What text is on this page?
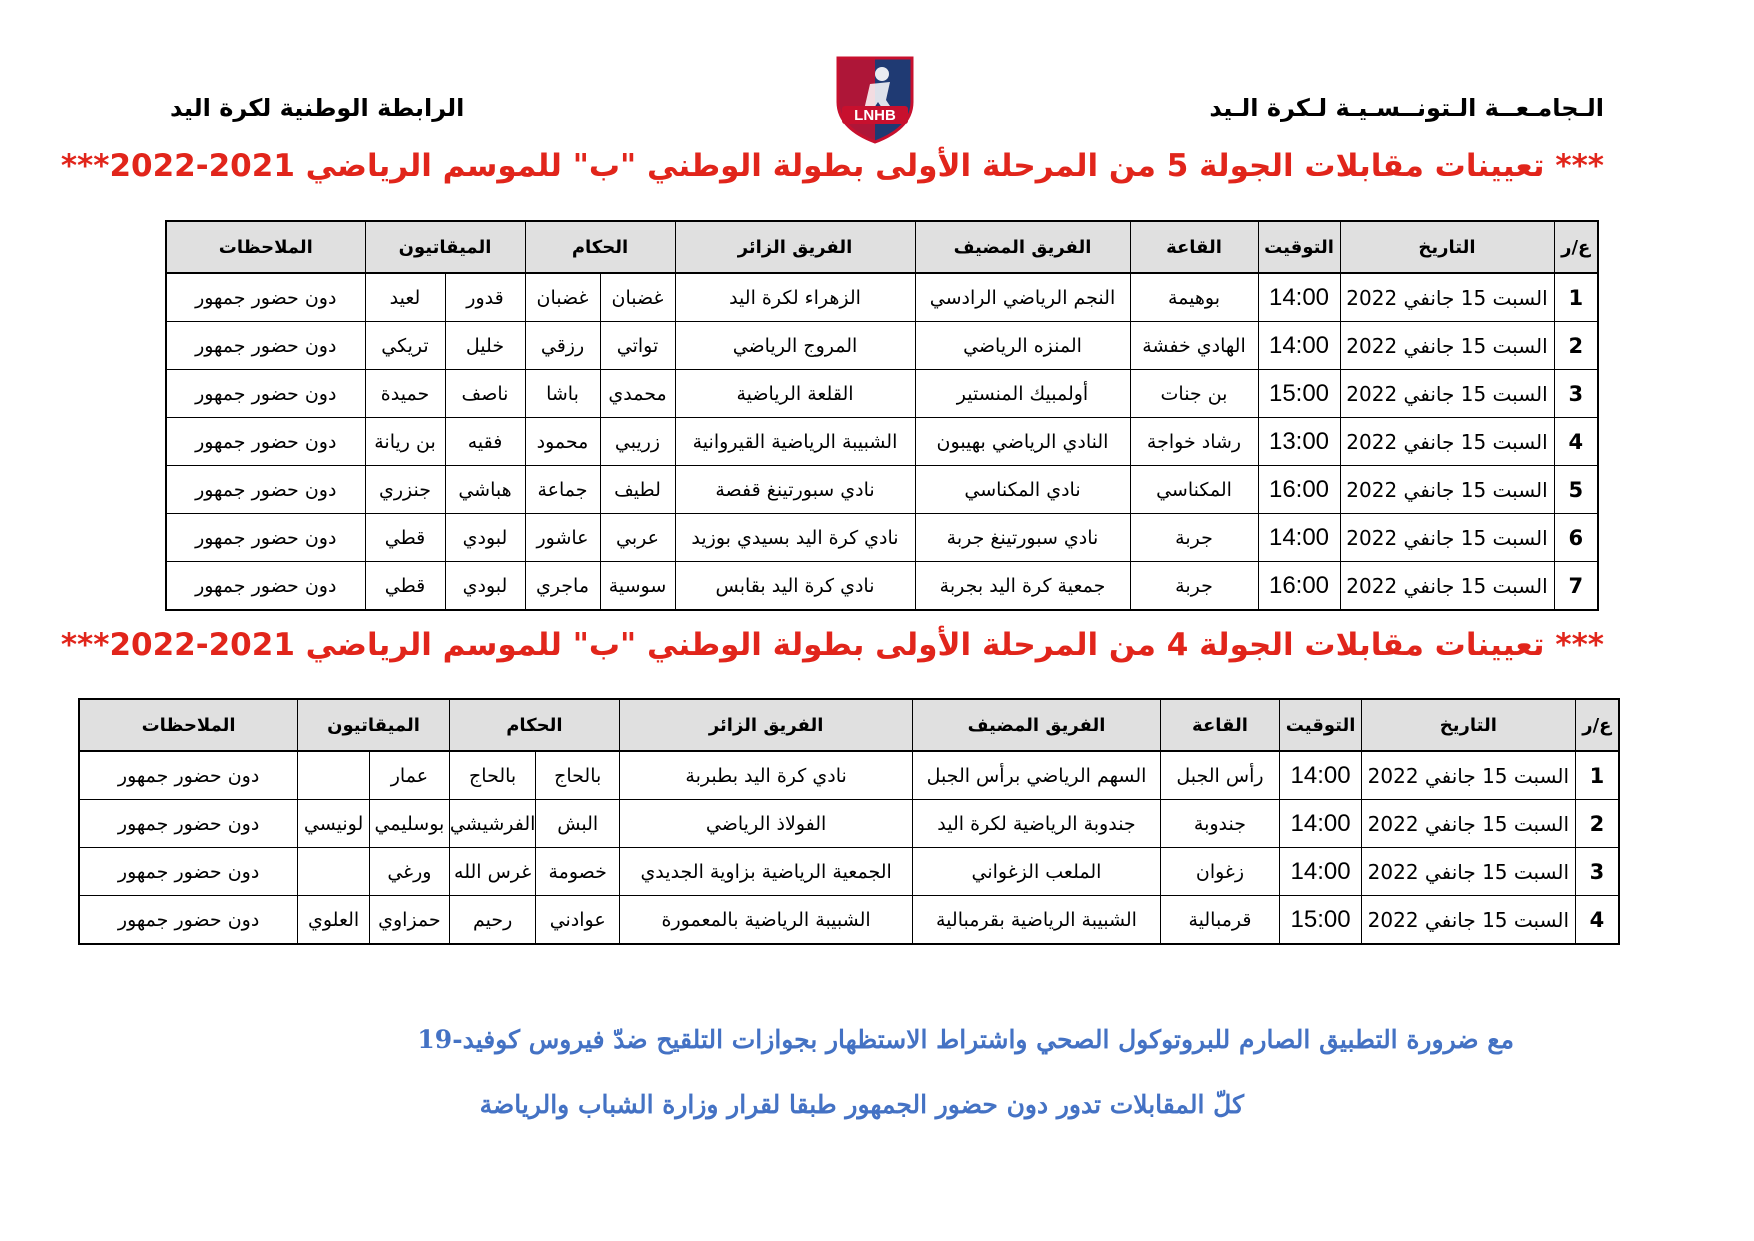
الـجامـعــة الـتونــسـيـة لـكرة الـيد
الرابطة الوطنية لكرة اليد	LNHB
*** تعيينات مقابلات الجولة 5 من المرحلة الأولى بطولة الوطني "ب" للموسم الرياضي 2021-2022***
ع/ر	التاريخ	التوقيت	القاعة	الفريق المضيف	الفريق الزائر	الحكام		الميقاتيون		الملاحظات
1	السبت 15 جانفي 2022	14:00	بوهيمة	النجم الرياضي الرادسي	الزهراء لكرة اليد	غضبان	غضبان	قدور	لعيد	دون حضور جمهور
2	السبت 15 جانفي 2022	14:00	الهادي خفشة	المنزه الرياضي	المروج الرياضي	تواتي	رزقي	خليل	تريكي	دون حضور جمهور
3	السبت 15 جانفي 2022	15:00	بن جنات	أولمبيك المنستير	القلعة الرياضية	محمدي	باشا	ناصف	حميدة	دون حضور جمهور
4	السبت 15 جانفي 2022	13:00	رشاد خواجة	النادي الرياضي بهيبون	الشبيبة الرياضية القيروانية	زريبي	محمود	فقيه	بن ريانة	دون حضور جمهور
5	السبت 15 جانفي 2022	16:00	المكناسي	نادي المكناسي	نادي سبورتينغ قفصة	لطيف	جماعة	هباشي	جنزري	دون حضور جمهور
6	السبت 15 جانفي 2022	14:00	جربة	نادي سبورتينغ جربة	نادي كرة اليد بسيدي بوزيد	عربي	عاشور	لبودي	قطي	دون حضور جمهور
7	السبت 15 جانفي 2022	16:00	جربة	جمعية كرة اليد بجربة	نادي كرة اليد بقابس	سوسية	ماجري	لبودي	قطي	دون حضور جمهور
*** تعيينات مقابلات الجولة 4 من المرحلة الأولى بطولة الوطني "ب" للموسم الرياضي 2021-2022***
ع/ر	التاريخ	التوقيت	القاعة	الفريق المضيف	الفريق الزائر	الحكام		الميقاتيون		الملاحظات
1	السبت 15 جانفي 2022	14:00	رأس الجبل	السهم الرياضي برأس الجبل	نادي كرة اليد بطبربة	بالحاج	بالحاج	عمار		دون حضور جمهور
2	السبت 15 جانفي 2022	14:00	جندوبة	جندوبة الرياضية لكرة اليد	الفولاذ الرياضي	البش	الفرشيشي	بوسليمي	لونيسي	دون حضور جمهور
3	السبت 15 جانفي 2022	14:00	زغوان	الملعب الزغواني	الجمعية الرياضية بزاوية الجديدي	خصومة	غرس الله	ورغي		دون حضور جمهور
4	السبت 15 جانفي 2022	15:00	قرمبالية	الشبيبة الرياضية بقرمبالية	الشبيبة الرياضية بالمعمورة	عوادني	رحيم	حمزاوي	العلوي	دون حضور جمهور
مع ضرورة التطبيق الصارم للبروتوكول الصحي واشتراط الاستظهار بجوازات التلقيح ضدّ فيروس كوفيد-19
كلّ المقابلات تدور دون حضور الجمهور طبقا لقرار وزارة الشباب والرياضة
